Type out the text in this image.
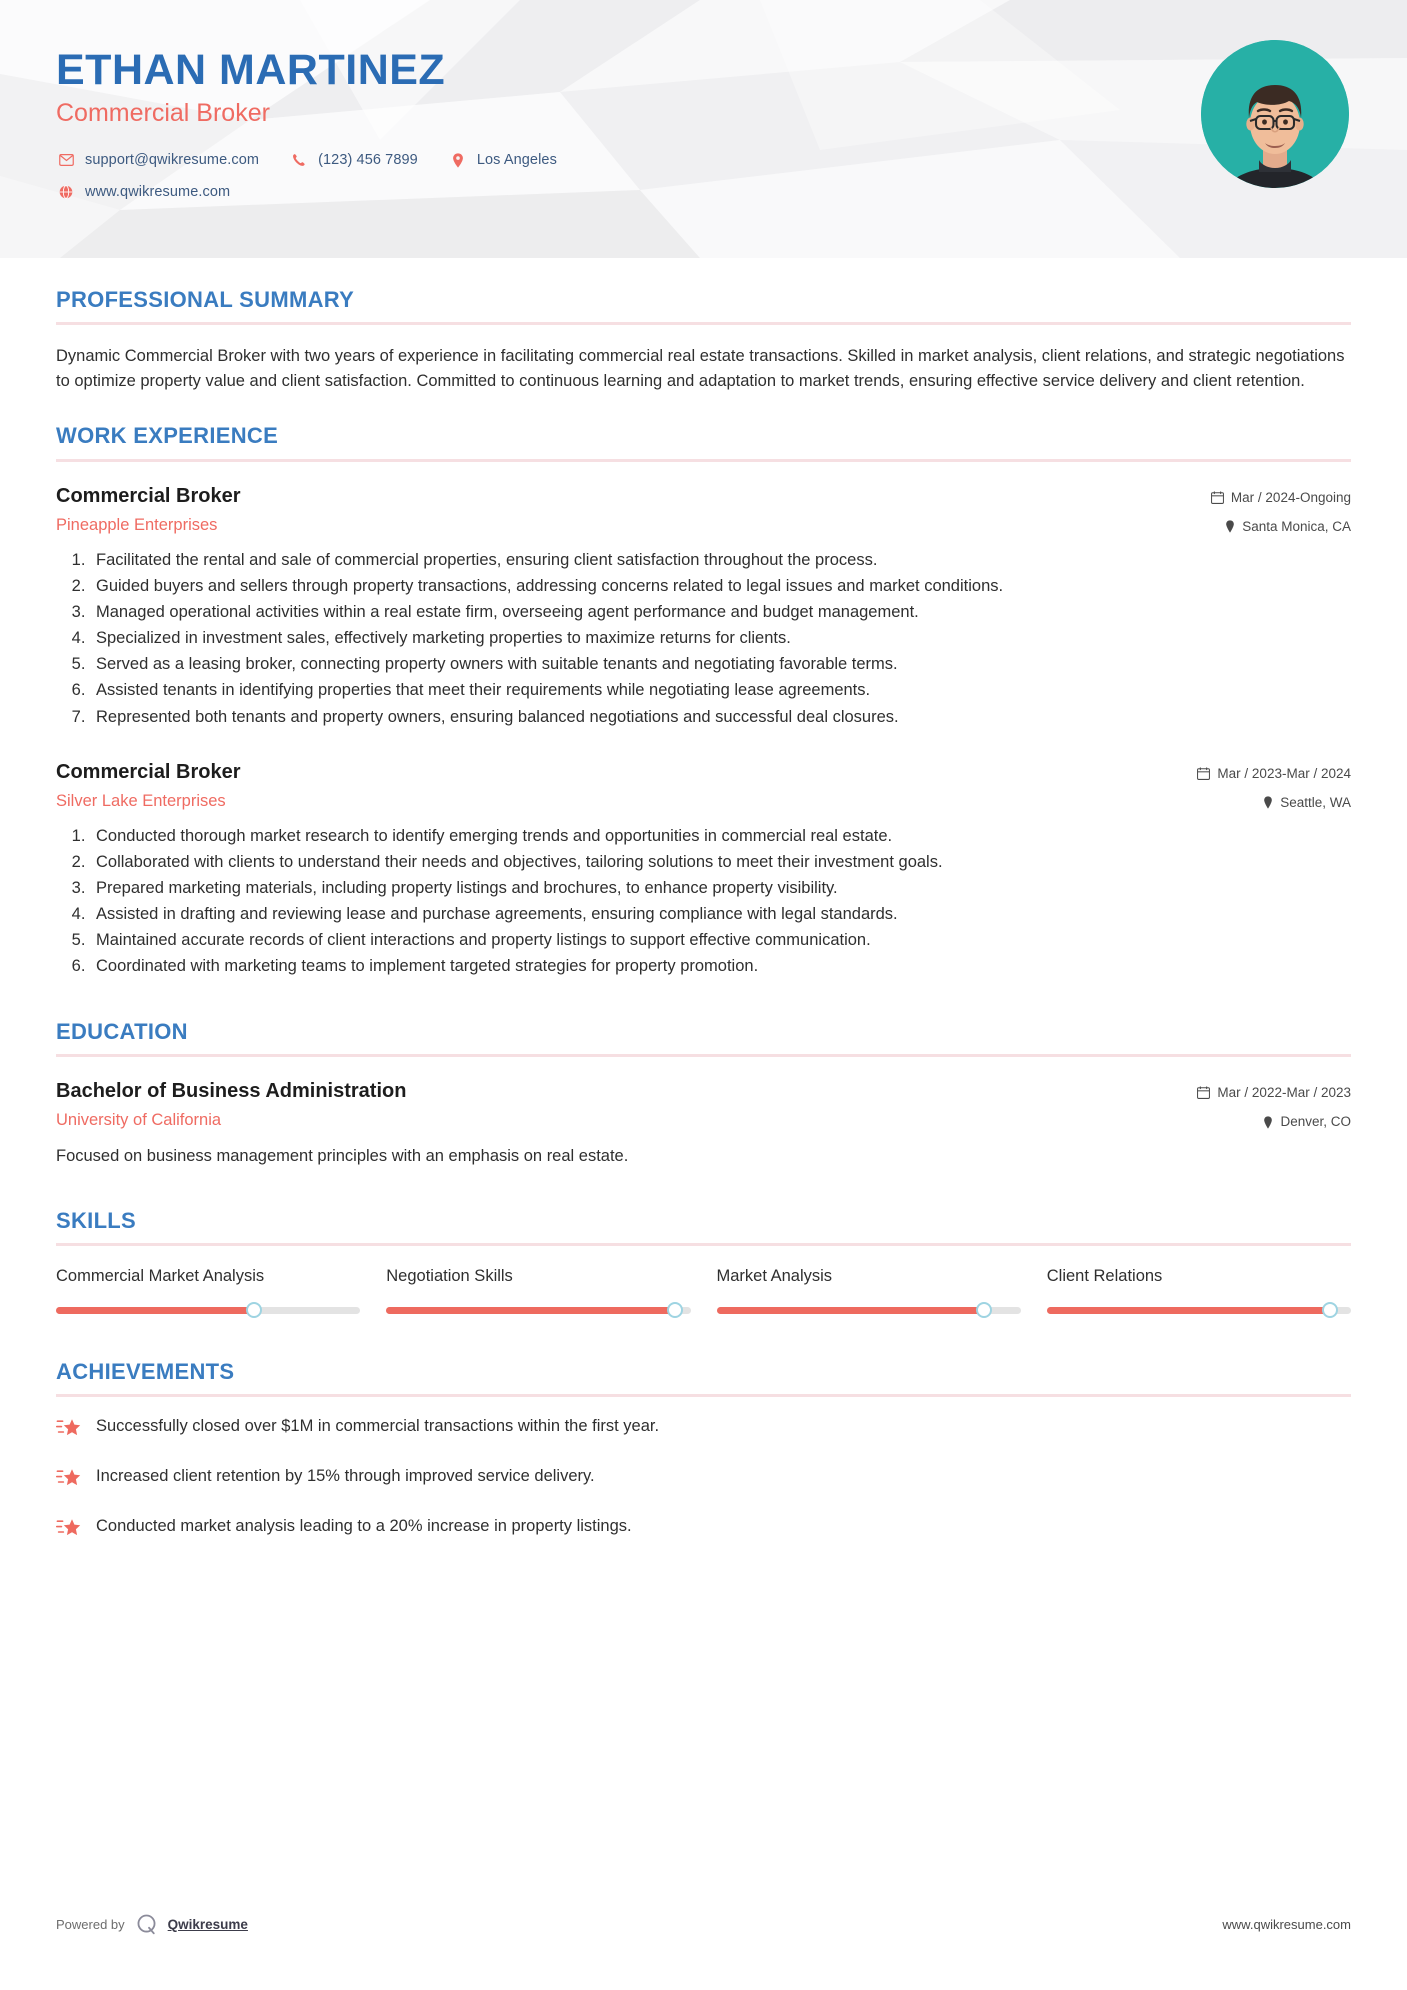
ETHAN MARTINEZ
Commercial Broker
support@qwikresume.com	(123) 456 7899	Los Angeles
www.qwikresume.com
PROFESSIONAL SUMMARY
Dynamic Commercial Broker with two years of experience in facilitating commercial real estate transactions. Skilled in market analysis, client relations, and strategic negotiations to optimize property value and client satisfaction. Committed to continuous learning and adaptation to market trends, ensuring effective service delivery and client retention.
WORK EXPERIENCE
Commercial Broker
Pineapple Enterprises
Mar / 2024-Ongoing
Santa Monica, CA
1. Facilitated the rental and sale of commercial properties, ensuring client satisfaction throughout the process.
2. Guided buyers and sellers through property transactions, addressing concerns related to legal issues and market conditions.
3. Managed operational activities within a real estate firm, overseeing agent performance and budget management.
4. Specialized in investment sales, effectively marketing properties to maximize returns for clients.
5. Served as a leasing broker, connecting property owners with suitable tenants and negotiating favorable terms.
6. Assisted tenants in identifying properties that meet their requirements while negotiating lease agreements.
7. Represented both tenants and property owners, ensuring balanced negotiations and successful deal closures.
Commercial Broker
Silver Lake Enterprises
Mar / 2023-Mar / 2024
Seattle, WA
1. Conducted thorough market research to identify emerging trends and opportunities in commercial real estate.
2. Collaborated with clients to understand their needs and objectives, tailoring solutions to meet their investment goals.
3. Prepared marketing materials, including property listings and brochures, to enhance property visibility.
4. Assisted in drafting and reviewing lease and purchase agreements, ensuring compliance with legal standards.
5. Maintained accurate records of client interactions and property listings to support effective communication.
6. Coordinated with marketing teams to implement targeted strategies for property promotion.
EDUCATION
Bachelor of Business Administration
University of California
Mar / 2022-Mar / 2023
Denver, CO
Focused on business management principles with an emphasis on real estate.
SKILLS
Commercial Market Analysis	Negotiation Skills	Market Analysis	Client Relations
ACHIEVEMENTS
Successfully closed over $1M in commercial transactions within the first year.
Increased client retention by 15% through improved service delivery.
Conducted market analysis leading to a 20% increase in property listings.
Powered by	Qwikresume	www.qwikresume.com
